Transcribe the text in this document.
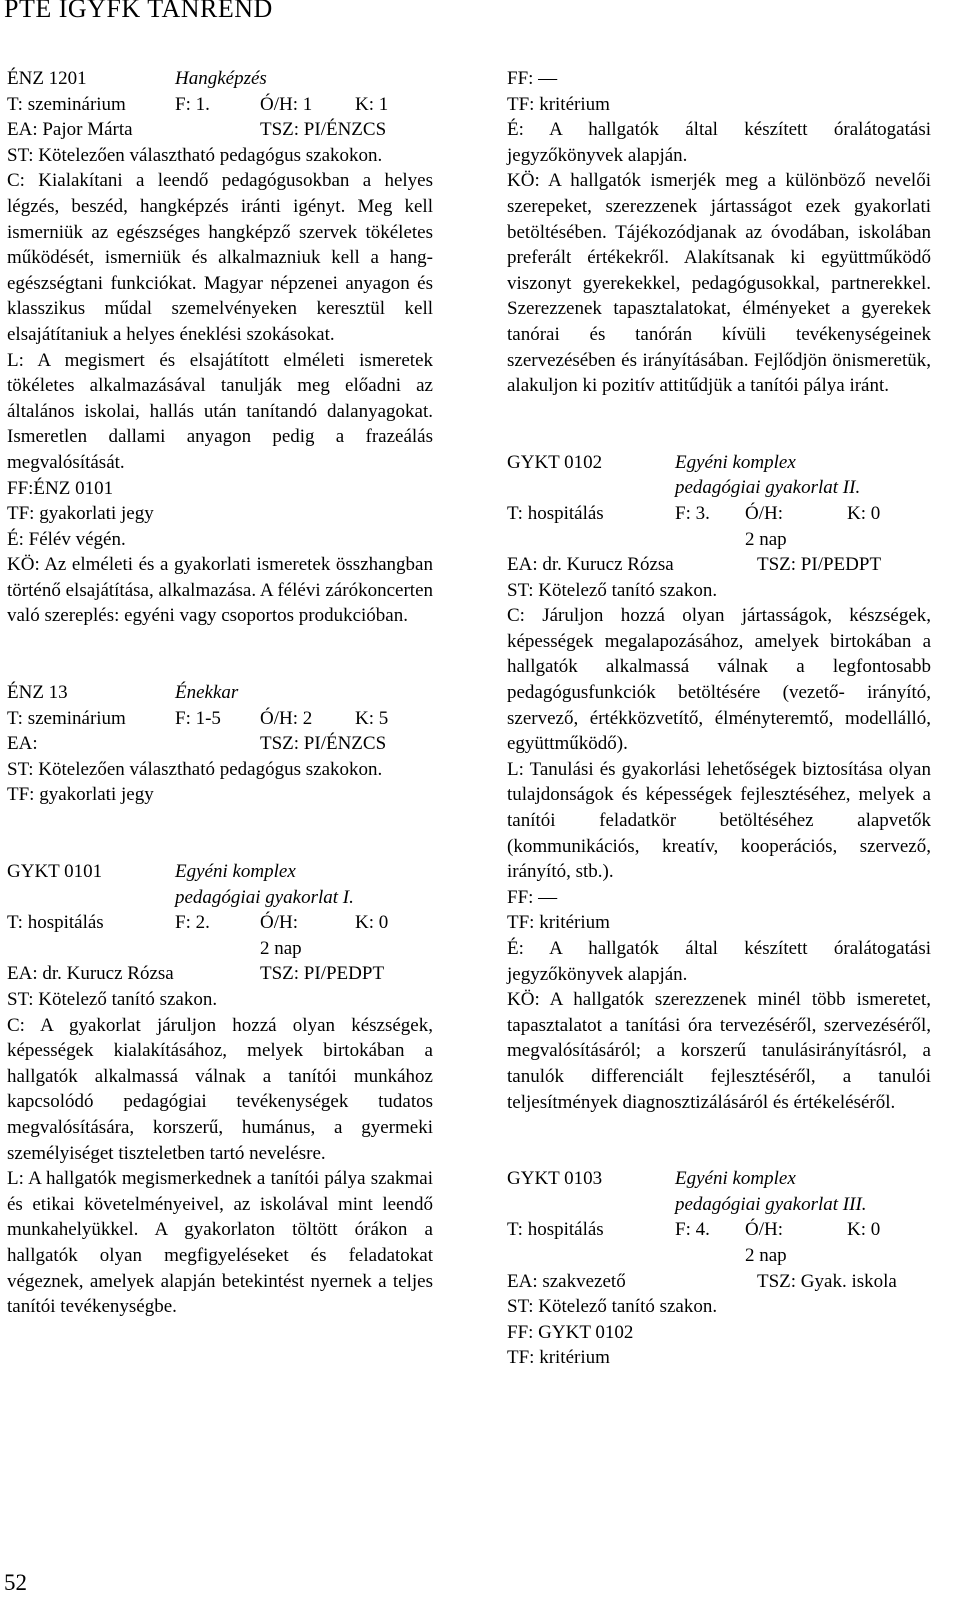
PTE IGYFK TANREND
ÉNZ 1201	Hangképzés
T: szeminárium	F: 1.	Ó/H: 1	K: 1
EA: Pajor Márta	TSZ: PI/ÉNZCS
ST: Kötelezően választható pedagógus szakokon.
C: Kialakítani a leendő pedagógusokban a helyes légzés, beszéd, hangképzés iránti igényt. Meg kell ismerniük az egészséges hangképző szervek tökéletes működését, ismerniük és alkalmazniuk kell a hang-egészségtani funkciókat. Magyar népzenei anyagon és klasszikus műdal szemelvényeken keresztül kell elsajátítaniuk a helyes éneklési szokásokat.
L: A megismert és elsajátított elméleti ismeretek tökéletes alkalmazásával tanulják meg előadni az általános iskolai, hallás után tanítandó dalanyagokat. Ismeretlen dallami anyagon pedig a frazeálás megvalósítását.
FF:ÉNZ 0101
TF: gyakorlati jegy
É: Félév végén.
KÖ: Az elméleti és a gyakorlati ismeretek összhangban történő elsajátítása, alkalmazása. A félévi zárókoncerten való szereplés: egyéni vagy csoportos produkcióban.
ÉNZ 13	Énekkar
T: szeminárium	F: 1-5	Ó/H: 2	K: 5
EA:	TSZ: PI/ÉNZCS
ST: Kötelezően választható pedagógus szakokon.
TF: gyakorlati jegy
GYKT 0101	Egyéni komplex
pedagógiai gyakorlat I.
T: hospitálás	F: 2.	Ó/H:	K: 0
2 nap
EA: dr. Kurucz Rózsa	TSZ: PI/PEDPT
ST: Kötelező tanító szakon.
C: A gyakorlat járuljon hozzá olyan készségek, képességek kialakításához, melyek birtokában a hallgatók alkalmassá válnak a tanítói munkához kapcsolódó pedagógiai tevékenységek tudatos megvalósítására, korszerű, humánus, a gyermeki személyiséget tiszteletben tartó nevelésre.
L: A hallgatók megismerkednek a tanítói pálya szakmai és etikai követelményeivel, az iskolával mint leendő munkahelyükkel. A gyakorlaton töltött órákon a hallgatók olyan megfigyeléseket és feladatokat végeznek, amelyek alapján betekintést nyernek a teljes tanítói tevékenységbe.
FF: —
TF: kritérium
É: A hallgatók által készített óralátogatási jegyzőkönyvek alapján.
KÖ: A hallgatók ismerjék meg a különböző nevelői szerepeket, szerezzenek jártasságot ezek gyakorlati betöltésében. Tájékozódjanak az óvodában, iskolában preferált értékekről. Alakítsanak ki együttműködő viszonyt gyerekekkel, pedagógusokkal, partnerekkel. Szerezzenek tapasztalatokat, élményeket a gyerekek tanórai és tanórán kívüli tevékenységeinek szervezésében és irányításában. Fejlődjön önismeretük, alakuljon ki pozitív attitűdjük a tanítói pálya iránt.
GYKT 0102	Egyéni komplex
pedagógiai gyakorlat II.
T: hospitálás	F: 3.	Ó/H:	K: 0
2 nap
EA: dr. Kurucz Rózsa	TSZ: PI/PEDPT
ST: Kötelező tanító szakon.
C: Járuljon hozzá olyan jártasságok, készségek, képességek megalapozásához, amelyek birtokában a hallgatók alkalmassá válnak a legfontosabb pedagógusfunkciók betöltésére (vezető- irányító, szervező, értékközvetítő, élményteremtő, modellálló, együttműködő).
L: Tanulási és gyakorlási lehetőségek biztosítása olyan tulajdonságok és képességek fejlesztéséhez, melyek a tanítói feladatkör betöltéséhez alapvetők (kommunikációs, kreatív, kooperációs, szervező, irányító, stb.).
FF: —
TF: kritérium
É: A hallgatók által készített óralátogatási jegyzőkönyvek alapján.
KÖ: A hallgatók szerezzenek minél több ismeretet, tapasztalatot a tanítási óra tervezéséről, szervezéséről, megvalósításáról; a korszerű tanulásirányításról, a tanulók differenciált fejlesztéséről, a tanulói teljesítmények diagnosztizálásáról és értékeléséről.
GYKT 0103	Egyéni komplex
pedagógiai gyakorlat III.
T: hospitálás	F: 4.	Ó/H:	K: 0
2 nap
EA: szakvezető	TSZ: Gyak. iskola
ST: Kötelező tanító szakon.
FF: GYKT 0102
TF: kritérium
52
